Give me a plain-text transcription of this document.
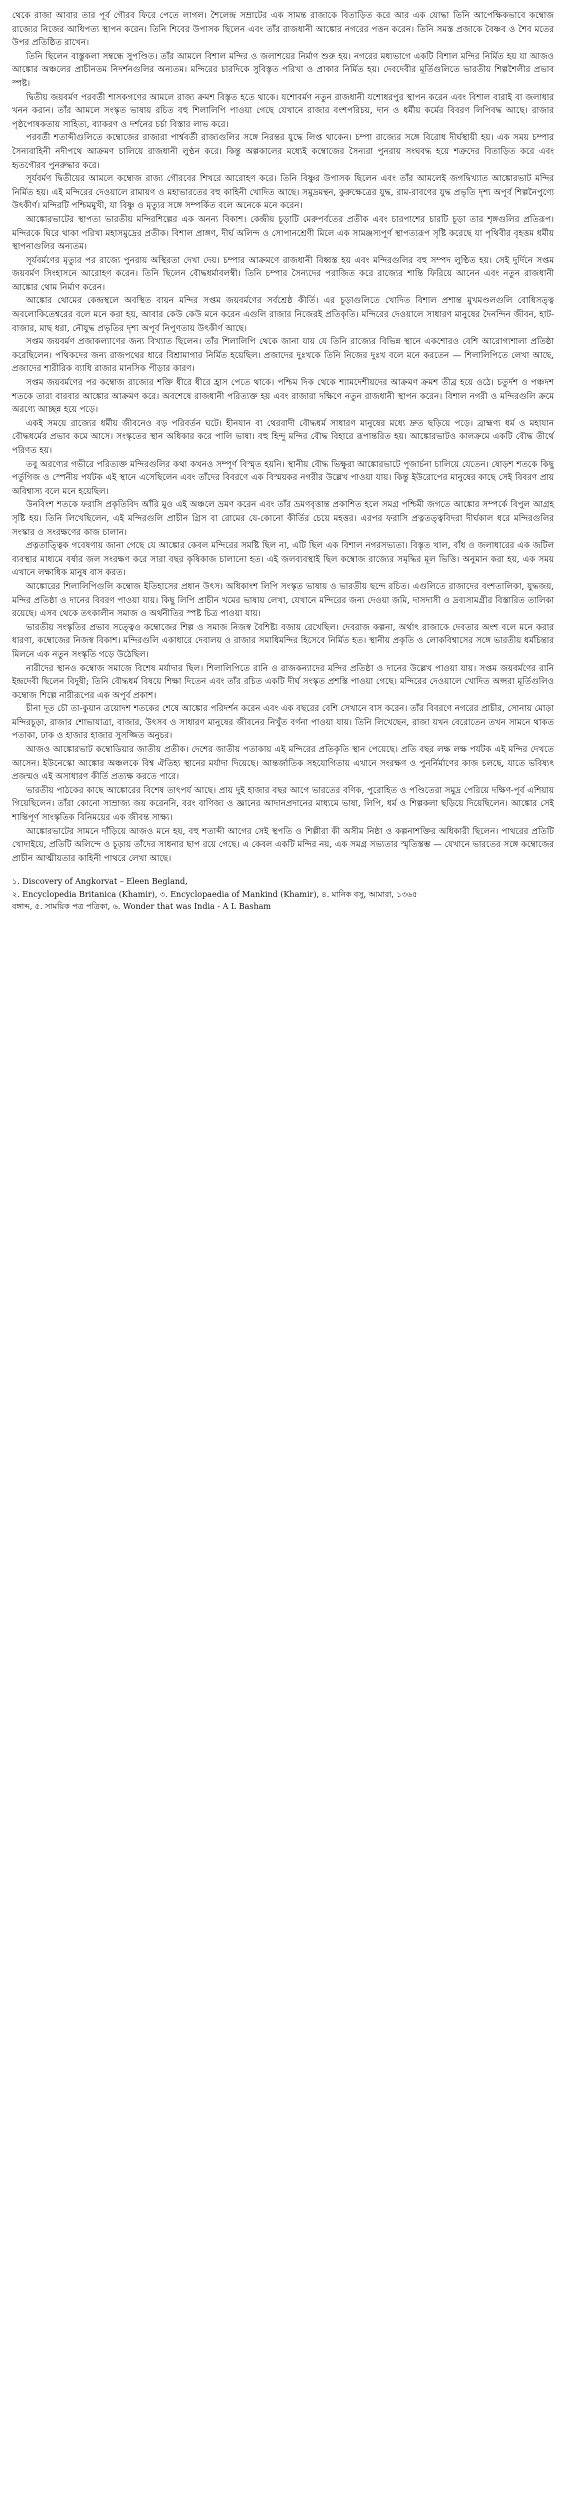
থেকে রাজা আবার তার পূর্ব গৌরব ফিরে পেতে লাগল। শৈলেন্দ্র সম্রাটের এক সামন্ত রাজাকে বিতাড়িত করে আর এক যোদ্ধা তিনি আপেক্ষিকভাবে কম্বোজ রাজ্যের নিজের আধিপত্য স্থাপন করেন। তিনি শিবের উপাসক ছিলেন এবং তাঁর রাজধানী আঙ্কোর নগরের পত্তন করেন। তিনি সমস্ত প্রজাকে বৈষ্ণব ও শৈব মতের উপর প্রতিষ্ঠিত রাখেন।

তিনি ছিলেন বাস্তুকলা সম্বন্ধে সুপণ্ডিত। তাঁর আমলে বিশাল মন্দির ও জলাশয়ের নির্মাণ শুরু হয়। নগরের মধ্যভাগে একটি বিশাল মন্দির নির্মিত হয় যা আজও আঙ্কোর অঞ্চলের প্রাচীনতম নিদর্শনগুলির অন্যতম। মন্দিরের চারদিকে সুবিস্তৃত পরিখা ও প্রাকার নির্মিত হয়। দেবদেবীর মূর্তিগুলিতে ভারতীয় শিল্পশৈলীর প্রভাব স্পষ্ট।

দ্বিতীয় জয়বর্মণ পরবর্তী শাসকগণের আমলে রাজ্য ক্রমশ বিস্তৃত হতে থাকে। যশোবর্মণ নতুন রাজধানী যশোধরপুর স্থাপন করেন এবং বিশাল বারাই বা জলাধার খনন করান। তাঁর আমলে সংস্কৃত ভাষায় রচিত বহু শিলালিপি পাওয়া গেছে যেখানে রাজার বংশপরিচয়, দান ও ধর্মীয় কর্মের বিবরণ লিপিবদ্ধ আছে। রাজার পৃষ্ঠপোষকতায় সাহিত্য, ব্যাকরণ ও দর্শনের চর্চা বিস্তার লাভ করে।

পরবর্তী শতাব্দীগুলিতে কম্বোজের রাজারা পার্শ্ববর্তী রাজ্যগুলির সঙ্গে নিরন্তর যুদ্ধে লিপ্ত থাকেন। চম্পা রাজ্যের সঙ্গে বিরোধ দীর্ঘস্থায়ী হয়। এক সময় চম্পার সৈন্যবাহিনী নদীপথে আক্রমণ চালিয়ে রাজধানী লুণ্ঠন করে। কিন্তু অল্পকালের মধ্যেই কম্বোজের সৈন্যরা পুনরায় সংঘবদ্ধ হয়ে শত্রুদের বিতাড়িত করে এবং হৃতগৌরব পুনরুদ্ধার করে।

সূর্যবর্মণ দ্বিতীয়ের আমলে কম্বোজ রাজ্য গৌরবের শিখরে আরোহণ করে। তিনি বিষ্ণুর উপাসক ছিলেন এবং তাঁর আমলেই জগদ্বিখ্যাত আঙ্কোরভাট মন্দির নির্মিত হয়। এই মন্দিরের দেওয়ালে রামায়ণ ও মহাভারতের বহু কাহিনী খোদিত আছে। সমুদ্রমন্থন, কুরুক্ষেত্রের যুদ্ধ, রাম-রাবণের যুদ্ধ প্রভৃতি দৃশ্য অপূর্ব শিল্পনৈপুণ্যে উৎকীর্ণ। মন্দিরটি পশ্চিমমুখী, যা বিষ্ণু ও মৃত্যুর সঙ্গে সম্পর্কিত বলে অনেকে মনে করেন।

আঙ্কোরভাটের স্থাপত্য ভারতীয় মন্দিরশিল্পের এক অনন্য বিকাশ। কেন্দ্রীয় চূড়াটি মেরুপর্বতের প্রতীক এবং চারপাশের চারটি চূড়া তার শৃঙ্গগুলির প্রতিরূপ। মন্দিরকে ঘিরে থাকা পরিখা মহাসমুদ্রের প্রতীক। বিশাল প্রাঙ্গণ, দীর্ঘ অলিন্দ ও সোপানশ্রেণী মিলে এক সামঞ্জস্যপূর্ণ স্থাপত্যরূপ সৃষ্টি করেছে যা পৃথিবীর বৃহত্তম ধর্মীয় স্থাপনাগুলির অন্যতম।

সূর্যবর্মণের মৃত্যুর পর রাজ্যে পুনরায় অস্থিরতা দেখা দেয়। চম্পার আক্রমণে রাজধানী বিধ্বস্ত হয় এবং মন্দিরগুলির বহু সম্পদ লুণ্ঠিত হয়। সেই দুর্দিনে সপ্তম জয়বর্মণ সিংহাসনে আরোহণ করেন। তিনি ছিলেন বৌদ্ধধর্মাবলম্বী। তিনি চম্পার সৈন্যদের পরাজিত করে রাজ্যের শান্তি ফিরিয়ে আনেন এবং নতুন রাজধানী আঙ্কোর থোম নির্মাণ করেন।

আঙ্কোর থোমের কেন্দ্রস্থলে অবস্থিত বায়ন মন্দির সপ্তম জয়বর্মণের সর্বশ্রেষ্ঠ কীর্তি। এর চূড়াগুলিতে খোদিত বিশাল প্রশান্ত মুখমণ্ডলগুলি বোধিসত্ত্ব অবলোকিতেশ্বরের বলে মনে করা হয়, আবার কেউ কেউ মনে করেন এগুলি রাজার নিজেরই প্রতিকৃতি। মন্দিরের দেওয়ালে সাধারণ মানুষের দৈনন্দিন জীবন, হাট-বাজার, মাছ ধরা, নৌযুদ্ধ প্রভৃতির দৃশ্য অপূর্ব নিপুণতায় উৎকীর্ণ আছে।

সপ্তম জয়বর্মণ প্রজাকল্যাণের জন্য বিখ্যাত ছিলেন। তাঁর শিলালিপি থেকে জানা যায় যে তিনি রাজ্যের বিভিন্ন স্থানে একশোরও বেশি আরোগ্যশালা প্রতিষ্ঠা করেছিলেন। পথিকদের জন্য রাজপথের ধারে বিশ্রামাগার নির্মিত হয়েছিল। প্রজাদের দুঃখকে তিনি নিজের দুঃখ বলে মনে করতেন — শিলালিপিতে লেখা আছে, প্রজাদের শারীরিক ব্যাধি রাজার মানসিক পীড়ার কারণ।

সপ্তম জয়বর্মণের পর কম্বোজ রাজ্যের শক্তি ধীরে ধীরে হ্রাস পেতে থাকে। পশ্চিম দিক থেকে শ্যামদেশীয়দের আক্রমণ ক্রমশ তীব্র হয়ে ওঠে। চতুর্দশ ও পঞ্চদশ শতকে তারা বারবার আঙ্কোর আক্রমণ করে। অবশেষে রাজধানী পরিত্যক্ত হয় এবং রাজারা দক্ষিণে নতুন রাজধানী স্থাপন করেন। বিশাল নগরী ও মন্দিরগুলি ক্রমে অরণ্যে আচ্ছন্ন হয়ে পড়ে।

একই সময়ে রাজ্যের ধর্মীয় জীবনেও বড় পরিবর্তন ঘটে। হীনযান বা থেরবাদী বৌদ্ধধর্ম সাধারণ মানুষের মধ্যে দ্রুত ছড়িয়ে পড়ে। ব্রাহ্মণ্য ধর্ম ও মহাযান বৌদ্ধধর্মের প্রভাব কমে আসে। সংস্কৃতের স্থান অধিকার করে পালি ভাষা। বহু হিন্দু মন্দির বৌদ্ধ বিহারে রূপান্তরিত হয়। আঙ্কোরভাটও কালক্রমে একটি বৌদ্ধ তীর্থে পরিণত হয়।

তবু অরণ্যের গভীরে পরিত্যক্ত মন্দিরগুলির কথা কখনও সম্পূর্ণ বিস্মৃত হয়নি। স্থানীয় বৌদ্ধ ভিক্ষুরা আঙ্কোরভাটে পূজার্চনা চালিয়ে যেতেন। ষোড়শ শতকে কিছু পর্তুগিজ ও স্পেনীয় পর্যটক এই স্থানে এসেছিলেন এবং তাঁদের বিবরণে এক বিস্ময়কর নগরীর উল্লেখ পাওয়া যায়। কিন্তু ইউরোপের মানুষের কাছে সেই বিবরণ প্রায় অবিশ্বাস্য বলে মনে হয়েছিল।

উনবিংশ শতকে ফরাসি প্রকৃতিবিদ আঁরি মুও এই অঞ্চলে ভ্রমণ করেন এবং তাঁর ভ্রমণবৃত্তান্ত প্রকাশিত হলে সমগ্র পশ্চিমী জগতে আঙ্কোর সম্পর্কে বিপুল আগ্রহ সৃষ্টি হয়। তিনি লিখেছিলেন, এই মন্দিরগুলি প্রাচীন গ্রিস বা রোমের যে-কোনো কীর্তির চেয়ে মহত্তর। এরপর ফরাসি প্রত্নতত্ত্ববিদরা দীর্ঘকাল ধরে মন্দিরগুলির সংস্কার ও সংরক্ষণের কাজ চালান।

প্রত্নতাত্ত্বিক গবেষণায় জানা গেছে যে আঙ্কোর কেবল মন্দিরের সমষ্টি ছিল না, এটি ছিল এক বিশাল নগরসভ্যতা। বিস্তৃত খাল, বাঁধ ও জলাধারের এক জটিল ব্যবস্থার মাধ্যমে বর্ষার জল সংরক্ষণ করে সারা বছর কৃষিকাজ চালানো হত। এই জলব্যবস্থাই ছিল কম্বোজ রাজ্যের সমৃদ্ধির মূল ভিত্তি। অনুমান করা হয়, এক সময় এখানে লক্ষাধিক মানুষ বাস করত।

আঙ্কোরের শিলালিপিগুলি কম্বোজ ইতিহাসের প্রধান উৎস। অধিকাংশ লিপি সংস্কৃত ভাষায় ও ভারতীয় ছন্দে রচিত। এগুলিতে রাজাদের বংশতালিকা, যুদ্ধজয়, মন্দির প্রতিষ্ঠা ও দানের বিবরণ পাওয়া যায়। কিছু লিপি প্রাচীন খমের ভাষায় লেখা, যেখানে মন্দিরের জন্য দেওয়া জমি, দাসদাসী ও দ্রব্যসামগ্রীর বিস্তারিত তালিকা রয়েছে। এসব থেকে তৎকালীন সমাজ ও অর্থনীতির স্পষ্ট চিত্র পাওয়া যায়।

ভারতীয় সংস্কৃতির প্রভাব সত্ত্বেও কম্বোজের শিল্প ও সমাজ নিজস্ব বৈশিষ্ট্য বজায় রেখেছিল। দেবরাজ কল্পনা, অর্থাৎ রাজাকে দেবতার অংশ বলে মনে করার ধারণা, কম্বোজের নিজস্ব বিকাশ। মন্দিরগুলি একাধারে দেবালয় ও রাজার সমাধিমন্দির হিসেবে নির্মিত হত। স্থানীয় প্রকৃতি ও লোকবিশ্বাসের সঙ্গে ভারতীয় ধর্মচিন্তার মিলনে এক নতুন সংস্কৃতি গড়ে উঠেছিল।

নারীদের স্থানও কম্বোজ সমাজে বিশেষ মর্যাদার ছিল। শিলালিপিতে রানি ও রাজকন্যাদের মন্দির প্রতিষ্ঠা ও দানের উল্লেখ পাওয়া যায়। সপ্তম জয়বর্মণের রানি ইন্দ্রদেবী ছিলেন বিদুষী; তিনি বৌদ্ধধর্ম বিষয়ে শিক্ষা দিতেন এবং তাঁর রচিত একটি দীর্ঘ সংস্কৃত প্রশস্তি পাওয়া গেছে। মন্দিরের দেওয়ালে খোদিত অপ্সরা মূর্তিগুলিও কম্বোজ শিল্পে নারীরূপের এক অপূর্ব প্রকাশ।

চীনা দূত চৌ তা-কুয়ান ত্রয়োদশ শতকের শেষে আঙ্কোর পরিদর্শন করেন এবং এক বছরের বেশি সেখানে বাস করেন। তাঁর বিবরণে নগরের প্রাচীর, সোনায় মোড়া মন্দিরচূড়া, রাজার শোভাযাত্রা, বাজার, উৎসব ও সাধারণ মানুষের জীবনের নিখুঁত বর্ণনা পাওয়া যায়। তিনি লিখেছেন, রাজা যখন বেরোতেন তখন সামনে থাকত পতাকা, ঢাক ও হাজার হাজার সুসজ্জিত অনুচর।

আজও আঙ্কোরভাট কম্বোডিয়ার জাতীয় প্রতীক। দেশের জাতীয় পতাকায় এই মন্দিরের প্রতিকৃতি স্থান পেয়েছে। প্রতি বছর লক্ষ লক্ষ পর্যটক এই মন্দির দেখতে আসেন। ইউনেস্কো আঙ্কোর অঞ্চলকে বিশ্ব ঐতিহ্য স্থানের মর্যাদা দিয়েছে। আন্তর্জাতিক সহযোগিতায় এখানে সংরক্ষণ ও পুনর্নির্মাণের কাজ চলছে, যাতে ভবিষ্যৎ প্রজন্মও এই অসাধারণ কীর্তি প্রত্যক্ষ করতে পারে।

ভারতীয় পাঠকের কাছে আঙ্কোরের বিশেষ তাৎপর্য আছে। প্রায় দুই হাজার বছর আগে ভারতের বণিক, পুরোহিত ও পণ্ডিতেরা সমুদ্র পেরিয়ে দক্ষিণ-পূর্ব এশিয়ায় গিয়েছিলেন। তাঁরা কোনো সাম্রাজ্য জয় করেননি, বরং বাণিজ্য ও জ্ঞানের আদানপ্রদানের মাধ্যমে ভাষা, লিপি, ধর্ম ও শিল্পকলা ছড়িয়ে দিয়েছিলেন। আঙ্কোর সেই শান্তিপূর্ণ সাংস্কৃতিক বিনিময়ের এক জীবন্ত সাক্ষ্য।

আঙ্কোরভাটের সামনে দাঁড়িয়ে আজও মনে হয়, বহু শতাব্দী আগের সেই স্থপতি ও শিল্পীরা কী অসীম নিষ্ঠা ও কল্পনাশক্তির অধিকারী ছিলেন। পাথরের প্রতিটি খোদাইয়ে, প্রতিটি অলিন্দে ও চূড়ায় তাঁদের সাধনার ছাপ রয়ে গেছে। এ কেবল একটি মন্দির নয়, এক সমগ্র সভ্যতার স্মৃতিস্তম্ভ — যেখানে ভারতের সঙ্গে কম্বোজের প্রাচীন আত্মীয়তার কাহিনী পাথরে লেখা আছে।

১. Discovery of Angkorvat – Eleen Begland,

২. Encyclopedia Britanica (Khamir), ৩. Encyclopaedia of Mankind (Khamir), ৪. মানিক বসু, আমারা, ১৩৬৫

বঙ্গাব্দ, ৫. সাময়িক পত্র পত্রিকা, ৬. Wonder that was India - A L Basham
